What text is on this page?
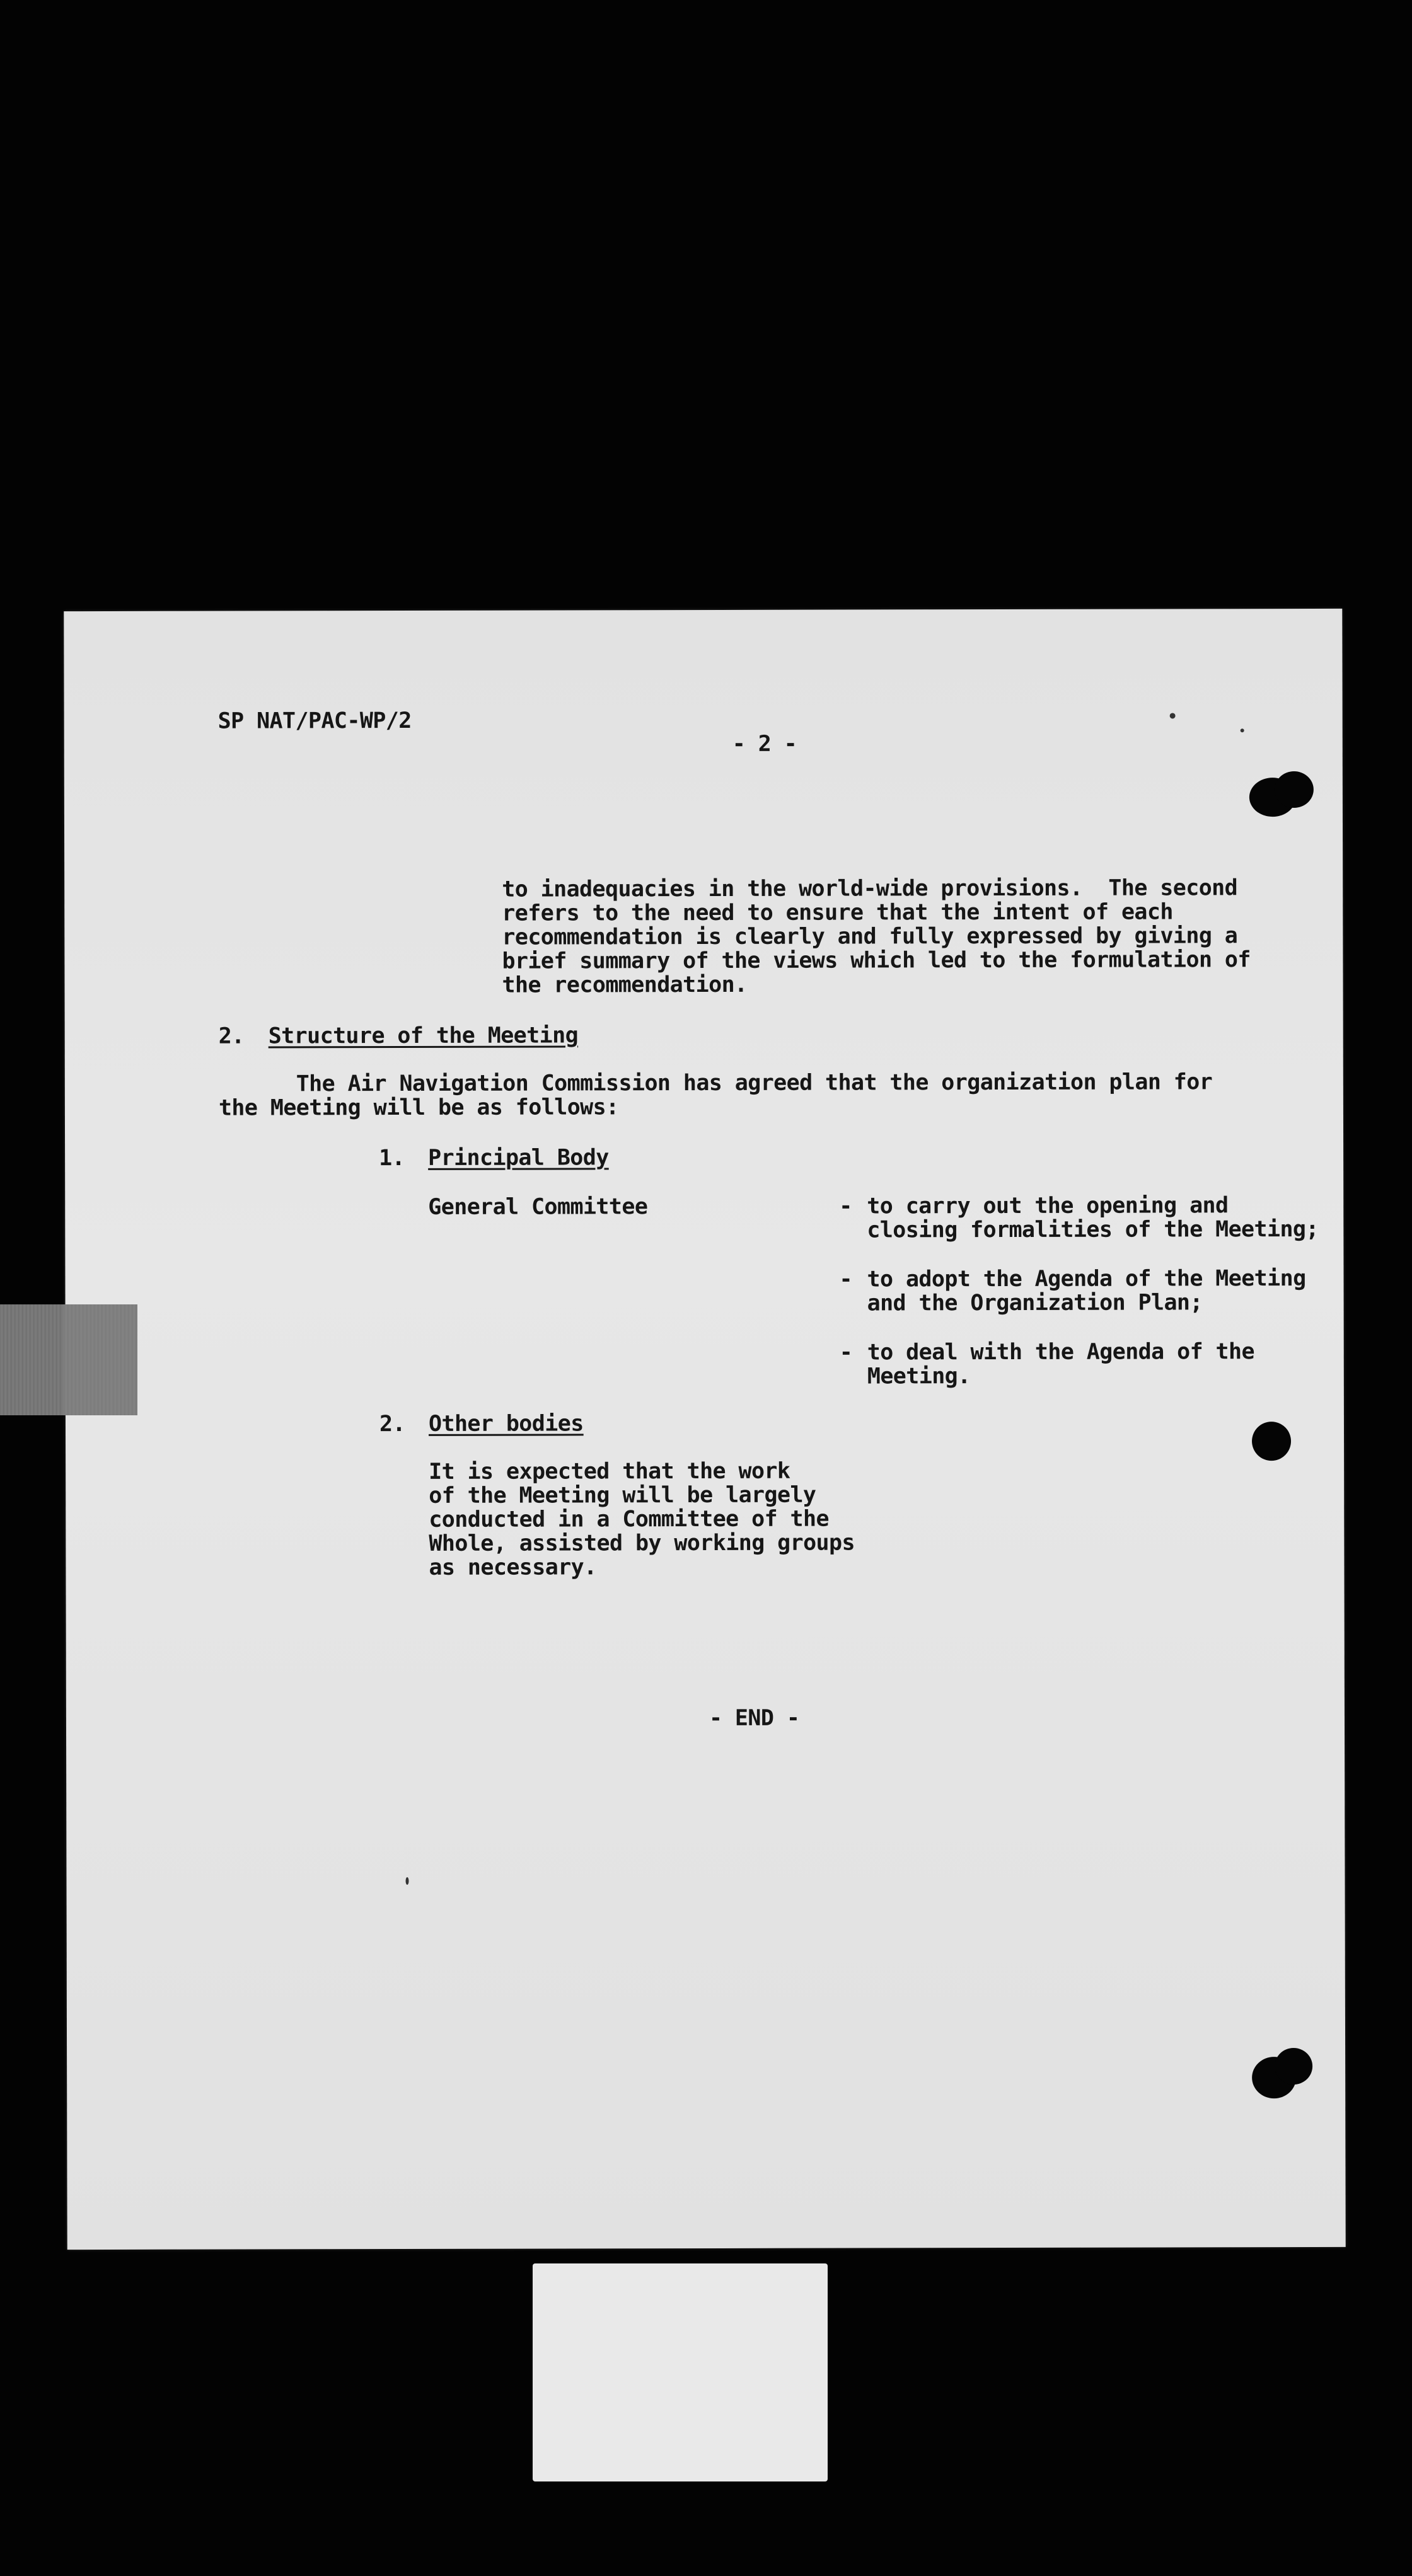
SP NAT/PAC-WP/2

- 2 -

to inadequacies in the world-wide provisions.  The second

refers to the need to ensure that the intent of each

recommendation is clearly and fully expressed by giving a

brief summary of the views which led to the formulation of

the recommendation.

2. Structure of the Meeting

The Air Navigation Commission has agreed that the organization plan for

the Meeting will be as follows:

1. Principal Body

General Committee	- to carry out the opening and

closing formalities of the Meeting;

- to adopt the Agenda of the Meeting

and the Organization Plan;

- to deal with the Agenda of the

Meeting.

2. Other bodies

It is expected that the work

of the Meeting will be largely

conducted in a Committee of the

Whole, assisted by working groups

as necessary.

- END -
